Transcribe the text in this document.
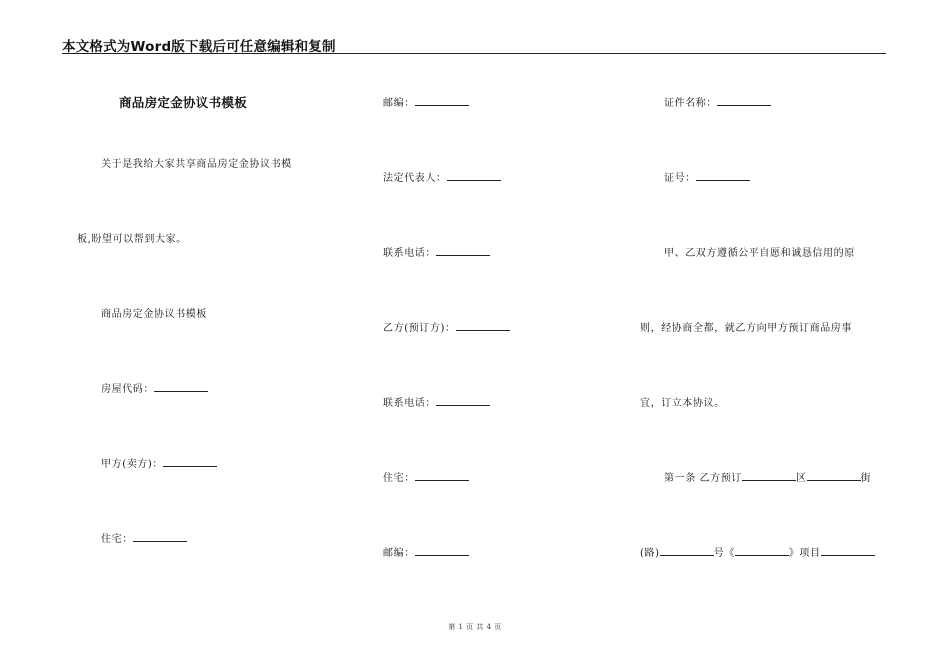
本文格式为Word版下载后可任意编辑和复制
商品房定金协议书模板
关于是我给大家共享商品房定金协议书模
板,盼望可以帮到大家。
商品房定金协议书模板
房屋代码：
甲方(卖方)：
住宅：
邮编：
法定代表人：
联系电话：
乙方(预订方)：
联系电话：
住宅：
邮编：
证件名称：
证号：
甲、乙双方遵循公平自愿和诚恳信用的原
则，经协商全都，就乙方向甲方预订商品房事
宜，订立本协议。
第一条 乙方预订	区	街
(路)	号《	》项目
第 1 页 共 4 页
